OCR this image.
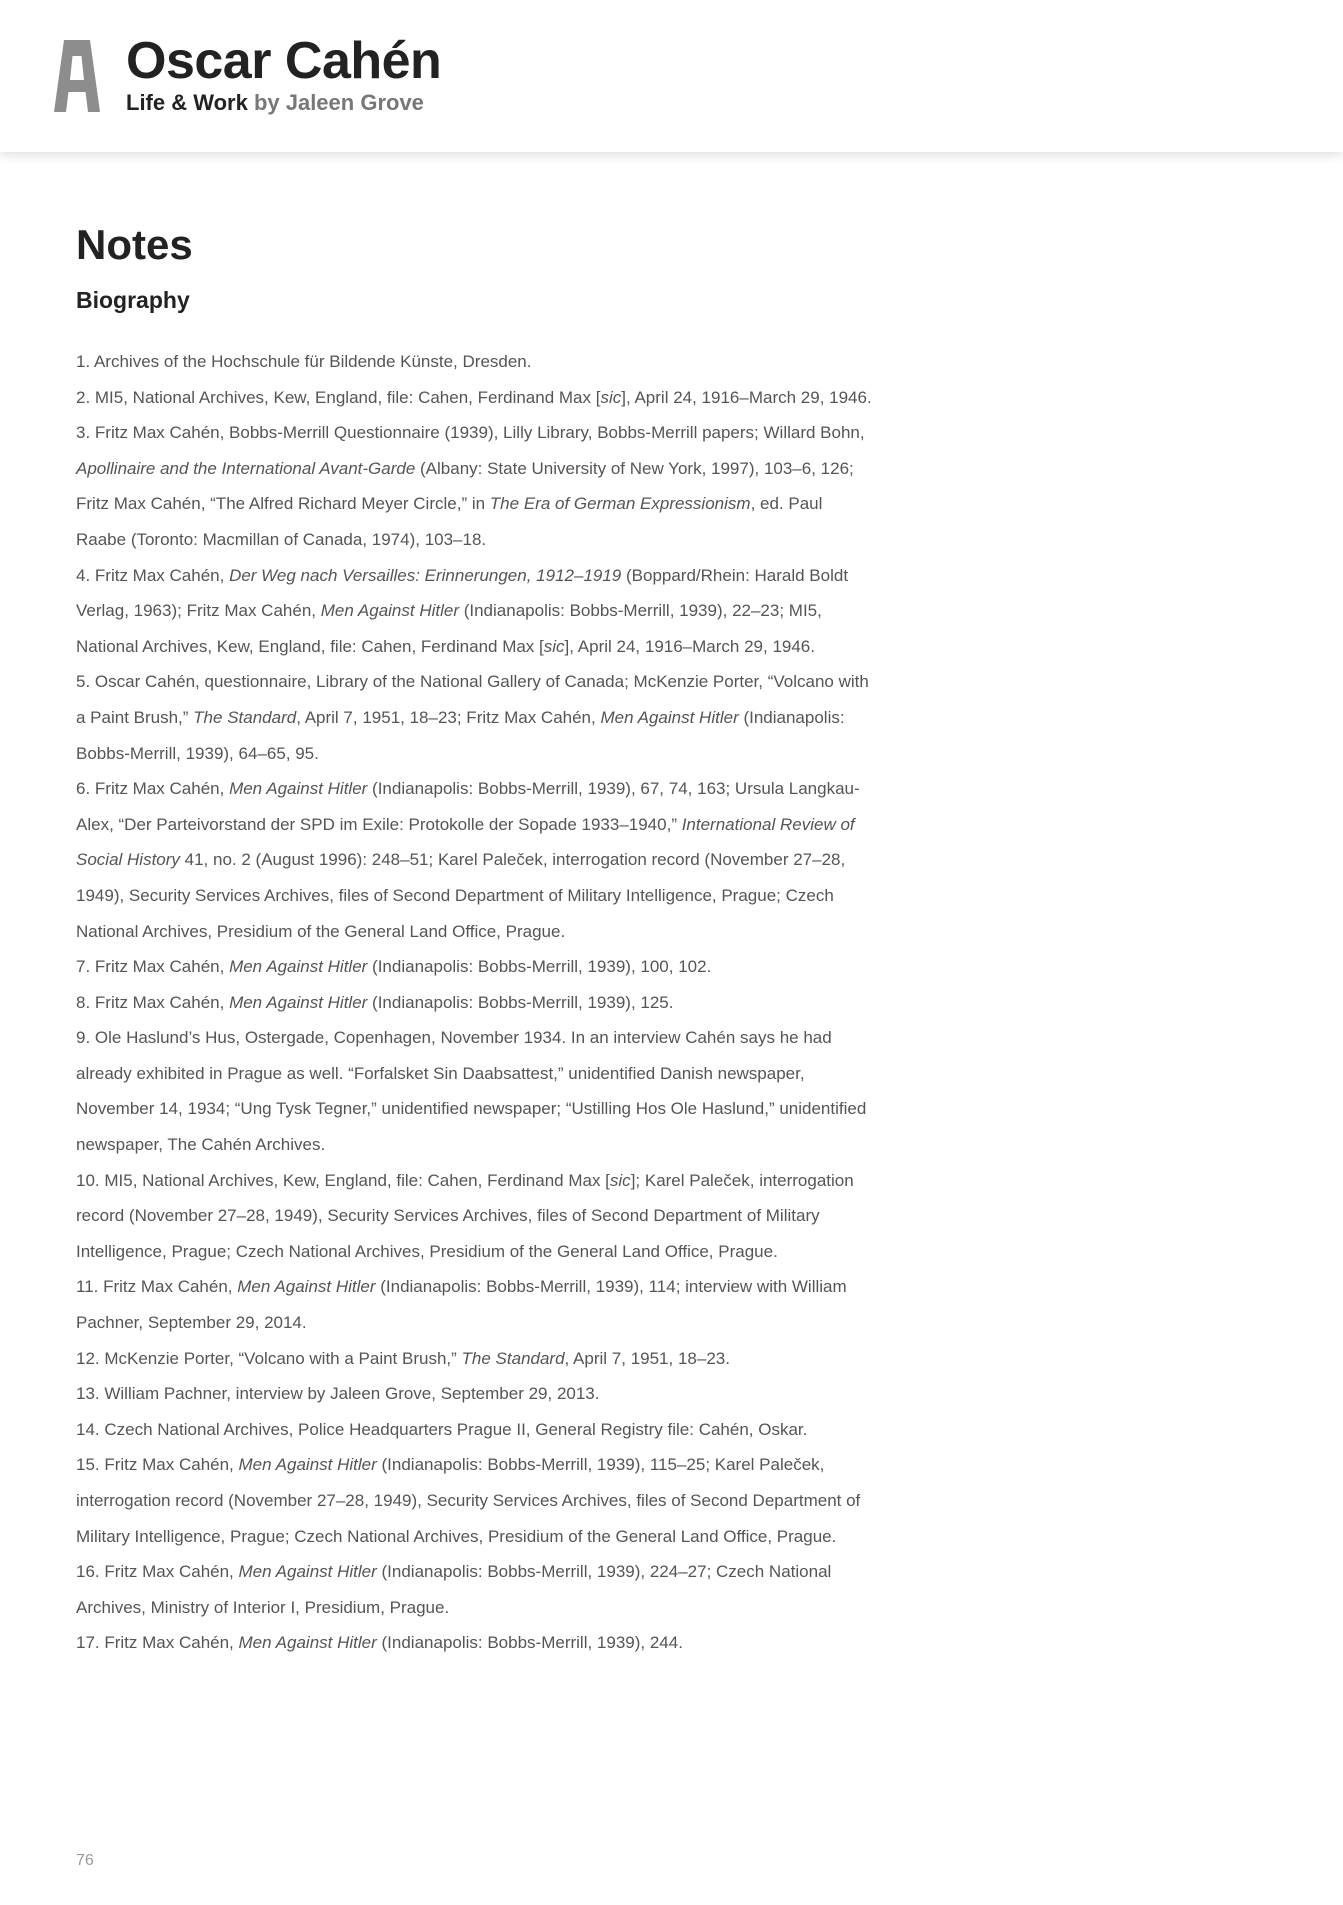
Oscar Cahén

Life & Work by Jaleen Grove

Notes
Biography

1. Archives of the Hochschule für Bildende Künste, Dresden.

2. MI5, National Archives, Kew, England, file: Cahen, Ferdinand Max [sic], April 24, 1916–March 29, 1946.

3. Fritz Max Cahén, Bobbs-Merrill Questionnaire (1939), Lilly Library, Bobbs-Merrill papers; Willard Bohn, Apollinaire and the International Avant-Garde (Albany: State University of New York, 1997), 103–6, 126; Fritz Max Cahén, “The Alfred Richard Meyer Circle,” in The Era of German Expressionism, ed. Paul Raabe (Toronto: Macmillan of Canada, 1974), 103–18.

4. Fritz Max Cahén, Der Weg nach Versailles: Erinnerungen, 1912–1919 (Boppard/Rhein: Harald Boldt Verlag, 1963); Fritz Max Cahén, Men Against Hitler (Indianapolis: Bobbs-Merrill, 1939), 22–23; MI5, National Archives, Kew, England, file: Cahen, Ferdinand Max [sic], April 24, 1916–March 29, 1946.

5. Oscar Cahén, questionnaire, Library of the National Gallery of Canada; McKenzie Porter, “Volcano with a Paint Brush,” The Standard, April 7, 1951, 18–23; Fritz Max Cahén, Men Against Hitler (Indianapolis: Bobbs-Merrill, 1939), 64–65, 95.

6. Fritz Max Cahén, Men Against Hitler (Indianapolis: Bobbs-Merrill, 1939), 67, 74, 163; Ursula Langkau-Alex, “Der Parteivorstand der SPD im Exile: Protokolle der Sopade 1933–1940,” International Review of Social History 41, no. 2 (August 1996): 248–51; Karel Paleček, interrogation record (November 27–28, 1949), Security Services Archives, files of Second Department of Military Intelligence, Prague; Czech National Archives, Presidium of the General Land Office, Prague.

7. Fritz Max Cahén, Men Against Hitler (Indianapolis: Bobbs-Merrill, 1939), 100, 102.

8. Fritz Max Cahén, Men Against Hitler (Indianapolis: Bobbs-Merrill, 1939), 125.

9. Ole Haslund’s Hus, Ostergade, Copenhagen, November 1934. In an interview Cahén says he had already exhibited in Prague as well. “Forfalsket Sin Daabsattest,” unidentified Danish newspaper, November 14, 1934; “Ung Tysk Tegner,” unidentified newspaper; “Ustilling Hos Ole Haslund,” unidentified newspaper, The Cahén Archives.

10. MI5, National Archives, Kew, England, file: Cahen, Ferdinand Max [sic]; Karel Paleček, interrogation record (November 27–28, 1949), Security Services Archives, files of Second Department of Military Intelligence, Prague; Czech National Archives, Presidium of the General Land Office, Prague.

11. Fritz Max Cahén, Men Against Hitler (Indianapolis: Bobbs-Merrill, 1939), 114; interview with William Pachner, September 29, 2014.

12. McKenzie Porter, “Volcano with a Paint Brush,” The Standard, April 7, 1951, 18–23.

13. William Pachner, interview by Jaleen Grove, September 29, 2013.

14. Czech National Archives, Police Headquarters Prague II, General Registry file: Cahén, Oskar.

15. Fritz Max Cahén, Men Against Hitler (Indianapolis: Bobbs-Merrill, 1939), 115–25; Karel Paleček, interrogation record (November 27–28, 1949), Security Services Archives, files of Second Department of Military Intelligence, Prague; Czech National Archives, Presidium of the General Land Office, Prague.

16. Fritz Max Cahén, Men Against Hitler (Indianapolis: Bobbs-Merrill, 1939), 224–27; Czech National Archives, Ministry of Interior I, Presidium, Prague.

17. Fritz Max Cahén, Men Against Hitler (Indianapolis: Bobbs-Merrill, 1939), 244.

76
